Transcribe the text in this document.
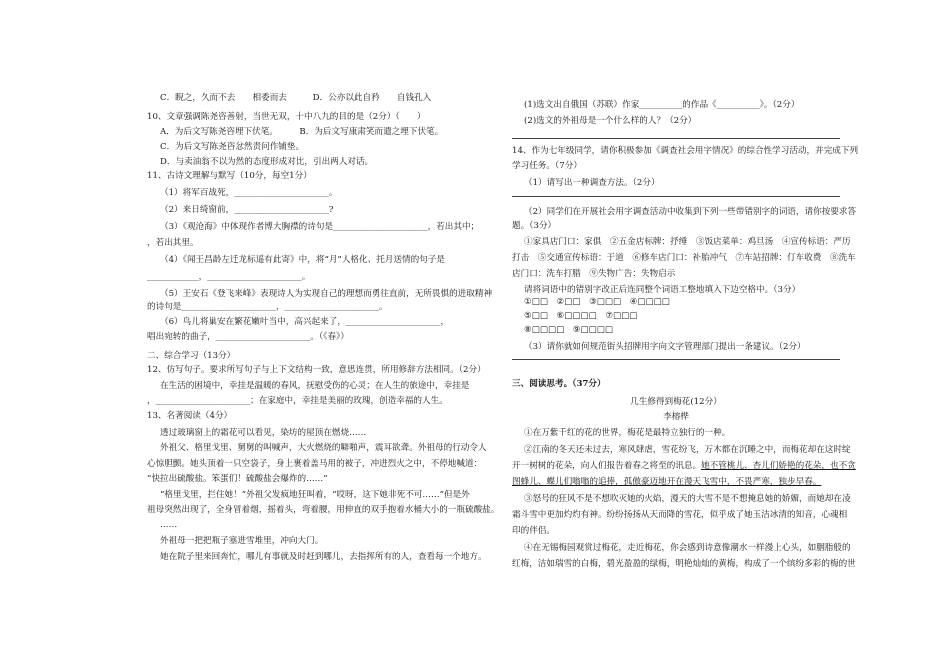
C．睨之，久而不去　　相委而去　　　D．公亦以此自矜　　自钱孔入
10、文章强调陈尧咨善射，当世无双，十中八九的目的是（2分）（　　）
A．为后文写陈尧咨埋下伏笔。　　　B．为后文写康肃笑而遣之埋下伏笔。
C．为后文写陈尧咨忿然责问作铺垫。
D．与卖油翁不以为然的态度形成对比，引出两人对话。
11、古诗文理解与默写（10分，每空1分）
（1）将军百战死，______________________。
（2）来日绮窗前，______________________?
（3）《观沧海》中体现作者博大胸襟的诗句是______________________，若出其中；
，若出其里。
（4）《闻王昌龄左迁龙标遥有此寄》中，将“月”人格化、托月送情的句子是
____________，______________________。
（5）王安石《登飞来峰》表现诗人为实现自己的理想而勇往直前，无所畏惧的进取精神
的诗句是______________________，______________________。
（6）鸟儿将巢安在繁花嫩叶当中，高兴起来了，______________________，
唱出宛转的曲子，______________________。（《春》）
二、综合学习（13分）
12、仿写句子。要求所写句子与上下文结构一致，意思连贯，所用修辞方法相同。（2分）
在生活的困境中，幸挂是温暖的春风，抚慰受伤的心灵；在人生的旅途中，幸挂是
，______________________；在家庭中，幸挂是美丽的玫瑰，创造幸福的人生。
13、名著阅读（4分）
透过玻璃窗上的霜花可以看见，染坊的屋顶在燃烧……
外祖父、格里戈里、舅舅的叫喊声，大火燃烧的噼啪声，震耳欲聋。外祖母的行动令人
心惊胆颤。她头顶着一只空袋子，身上裹着盖马用的被子，冲进烈火之中，不停地喊道：
“快拉出硫酸盐。笨蛋们！硫酸盐会爆炸的……”
“格里戈里，拦住她！”外祖父发疯地狂叫着，“哎呀，这下她非死不可……”但是外
祖母突然出现了，全身冒着烟，摇着头，弯着腰，用伸直的双手抱着水桶大小的一瓶硫酸盐。
……
外祖母一把把瓶子塞进雪堆里，冲向大门。
她在院子里来回奔忙，哪儿有事就及时赶到哪儿，去指挥所有的人，查看每一个地方。
(1)选文出自俄国（苏联）作家__________的作品《__________》。（2分）
(2)选文的外祖母是一个什么样的人？（2分）
14、作为七年级同学，请你积极参加《调查社会用字情况》的综合性学习活动，并完成下列
学习任务。（7分）
（1）请写出一种调查方法。（2分）
（2）同学们在开展社会用字调查活动中收集到下列一些带错别字的词语，请你按要求答
题。（3分）
①家具店门口：家俱　②五金店标牌：抒缍　③饭店菜单：鸡旦汤　④宣传标语：严历
打击　⑤交通宣传标语：于道　⑥修车店门口：补胎冲气　⑦车站招牌：仃车收费　⑧洗车
店门口：洗车打腊　⑨失物广告：失物启示
请将词语中的错别字改正后连同整个词语工整地填入下边空格中。（3分）
①□□　②□□　③□□□　④□□□□
⑤□□　⑥□□□□　⑦□□□
⑧□□□□　⑨□□□□
（3）请你就如何规范街头招牌用字向文字管理部门提出一条建议。（2分）
三、阅读思考。（37分）
几生修得到梅花(12分）
李榕桦
①在万紫千红的花的世界，梅花是最特立独行的一种。
②江南的冬天还未过去，寒风肆虐，雪花纷飞，万木都在沉睡之中，而梅花却在这时绽
开一树树的花朵，向人们报告着春之将至的讯息。她不管桃儿、杏儿们娇艳的花朵，也不贪
图蜂儿、蝶儿们嗡嗡的追捧，孤傲豪迈地开在漫天飞雪中，不畏严寒，独步早春。
③怒号的狂风不是不想吹灭她的火焰，漫天的大雪不是不想掩息她的娇媚，而她却在凌
霜斗雪中更加灼灼有神。纷纷扬扬从天而降的雪花，似乎成了她玉洁冰清的知音，心魂相
印的伴侣。
④在无锡梅园观赏过梅花，走近梅花，你会感到诗意像潮水一样漫上心头，如胭脂般的
红梅，洁如瑞雪的白梅，碧光盈盈的绿梅，明艳灿灿的黄梅，构成了一个缤纷多彩的梅的世
